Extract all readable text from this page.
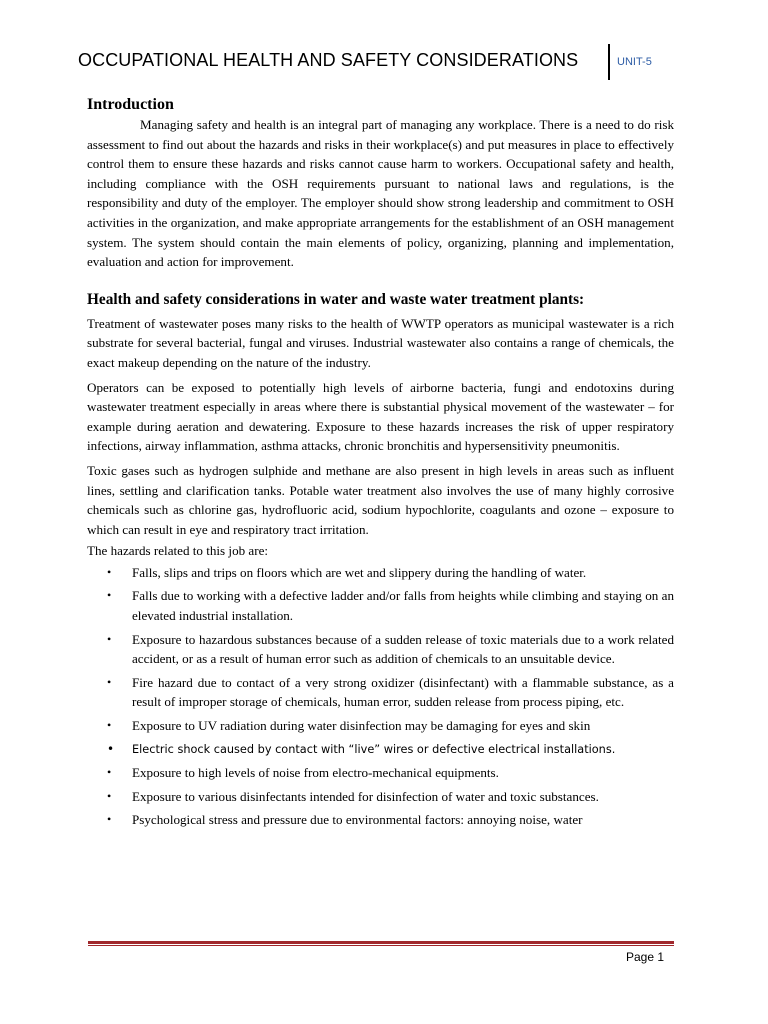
OCCUPATIONAL HEALTH AND SAFETY CONSIDERATIONS	UNIT-5
Introduction

Managing safety and health is an integral part of managing any workplace. There is a need to do risk assessment to find out about the hazards and risks in their workplace(s) and put measures in place to effectively control them to ensure these hazards and risks cannot cause harm to workers. Occupational safety and health, including compliance with the OSH requirements pursuant to national laws and regulations, is the responsibility and duty of the employer. The employer should show strong leadership and commitment to OSH activities in the organization, and make appropriate arrangements for the establishment of an OSH management system. The system should contain the main elements of policy, organizing, planning and implementation, evaluation and action for improvement.

Health and safety considerations in water and waste water treatment plants:

Treatment of wastewater poses many risks to the health of WWTP operators as municipal wastewater is a rich substrate for several bacterial, fungal and viruses. Industrial wastewater also contains a range of chemicals, the exact makeup depending on the nature of the industry.

Operators can be exposed to potentially high levels of airborne bacteria, fungi and endotoxins during wastewater treatment especially in areas where there is substantial physical movement of the wastewater – for example during aeration and dewatering. Exposure to these hazards increases the risk of upper respiratory infections, airway inflammation, asthma attacks, chronic bronchitis and hypersensitivity pneumonitis.

Toxic gases such as hydrogen sulphide and methane are also present in high levels in areas such as influent lines, settling and clarification tanks. Potable water treatment also involves the use of many highly corrosive chemicals such as chlorine gas, hydrofluoric acid, sodium hypochlorite, coagulants and ozone – exposure to which can result in eye and respiratory tract irritation.

The hazards related to this job are:

• Falls, slips and trips on floors which are wet and slippery during the handling of water.
• Falls due to working with a defective ladder and/or falls from heights while climbing and staying on an elevated industrial installation.
• Exposure to hazardous substances because of a sudden release of toxic materials due to a work related accident, or as a result of human error such as addition of chemicals to an unsuitable device.
• Fire hazard due to contact of a very strong oxidizer (disinfectant) with a flammable substance, as a result of improper storage of chemicals, human error, sudden release from process piping, etc.
• Exposure to UV radiation during water disinfection may be damaging for eyes and skin
• Electric shock caused by contact with “live” wires or defective electrical installations.
• Exposure to high levels of noise from electro-mechanical equipments.
• Exposure to various disinfectants intended for disinfection of water and toxic substances.
• Psychological stress and pressure due to environmental factors: annoying noise, water
Page 1
